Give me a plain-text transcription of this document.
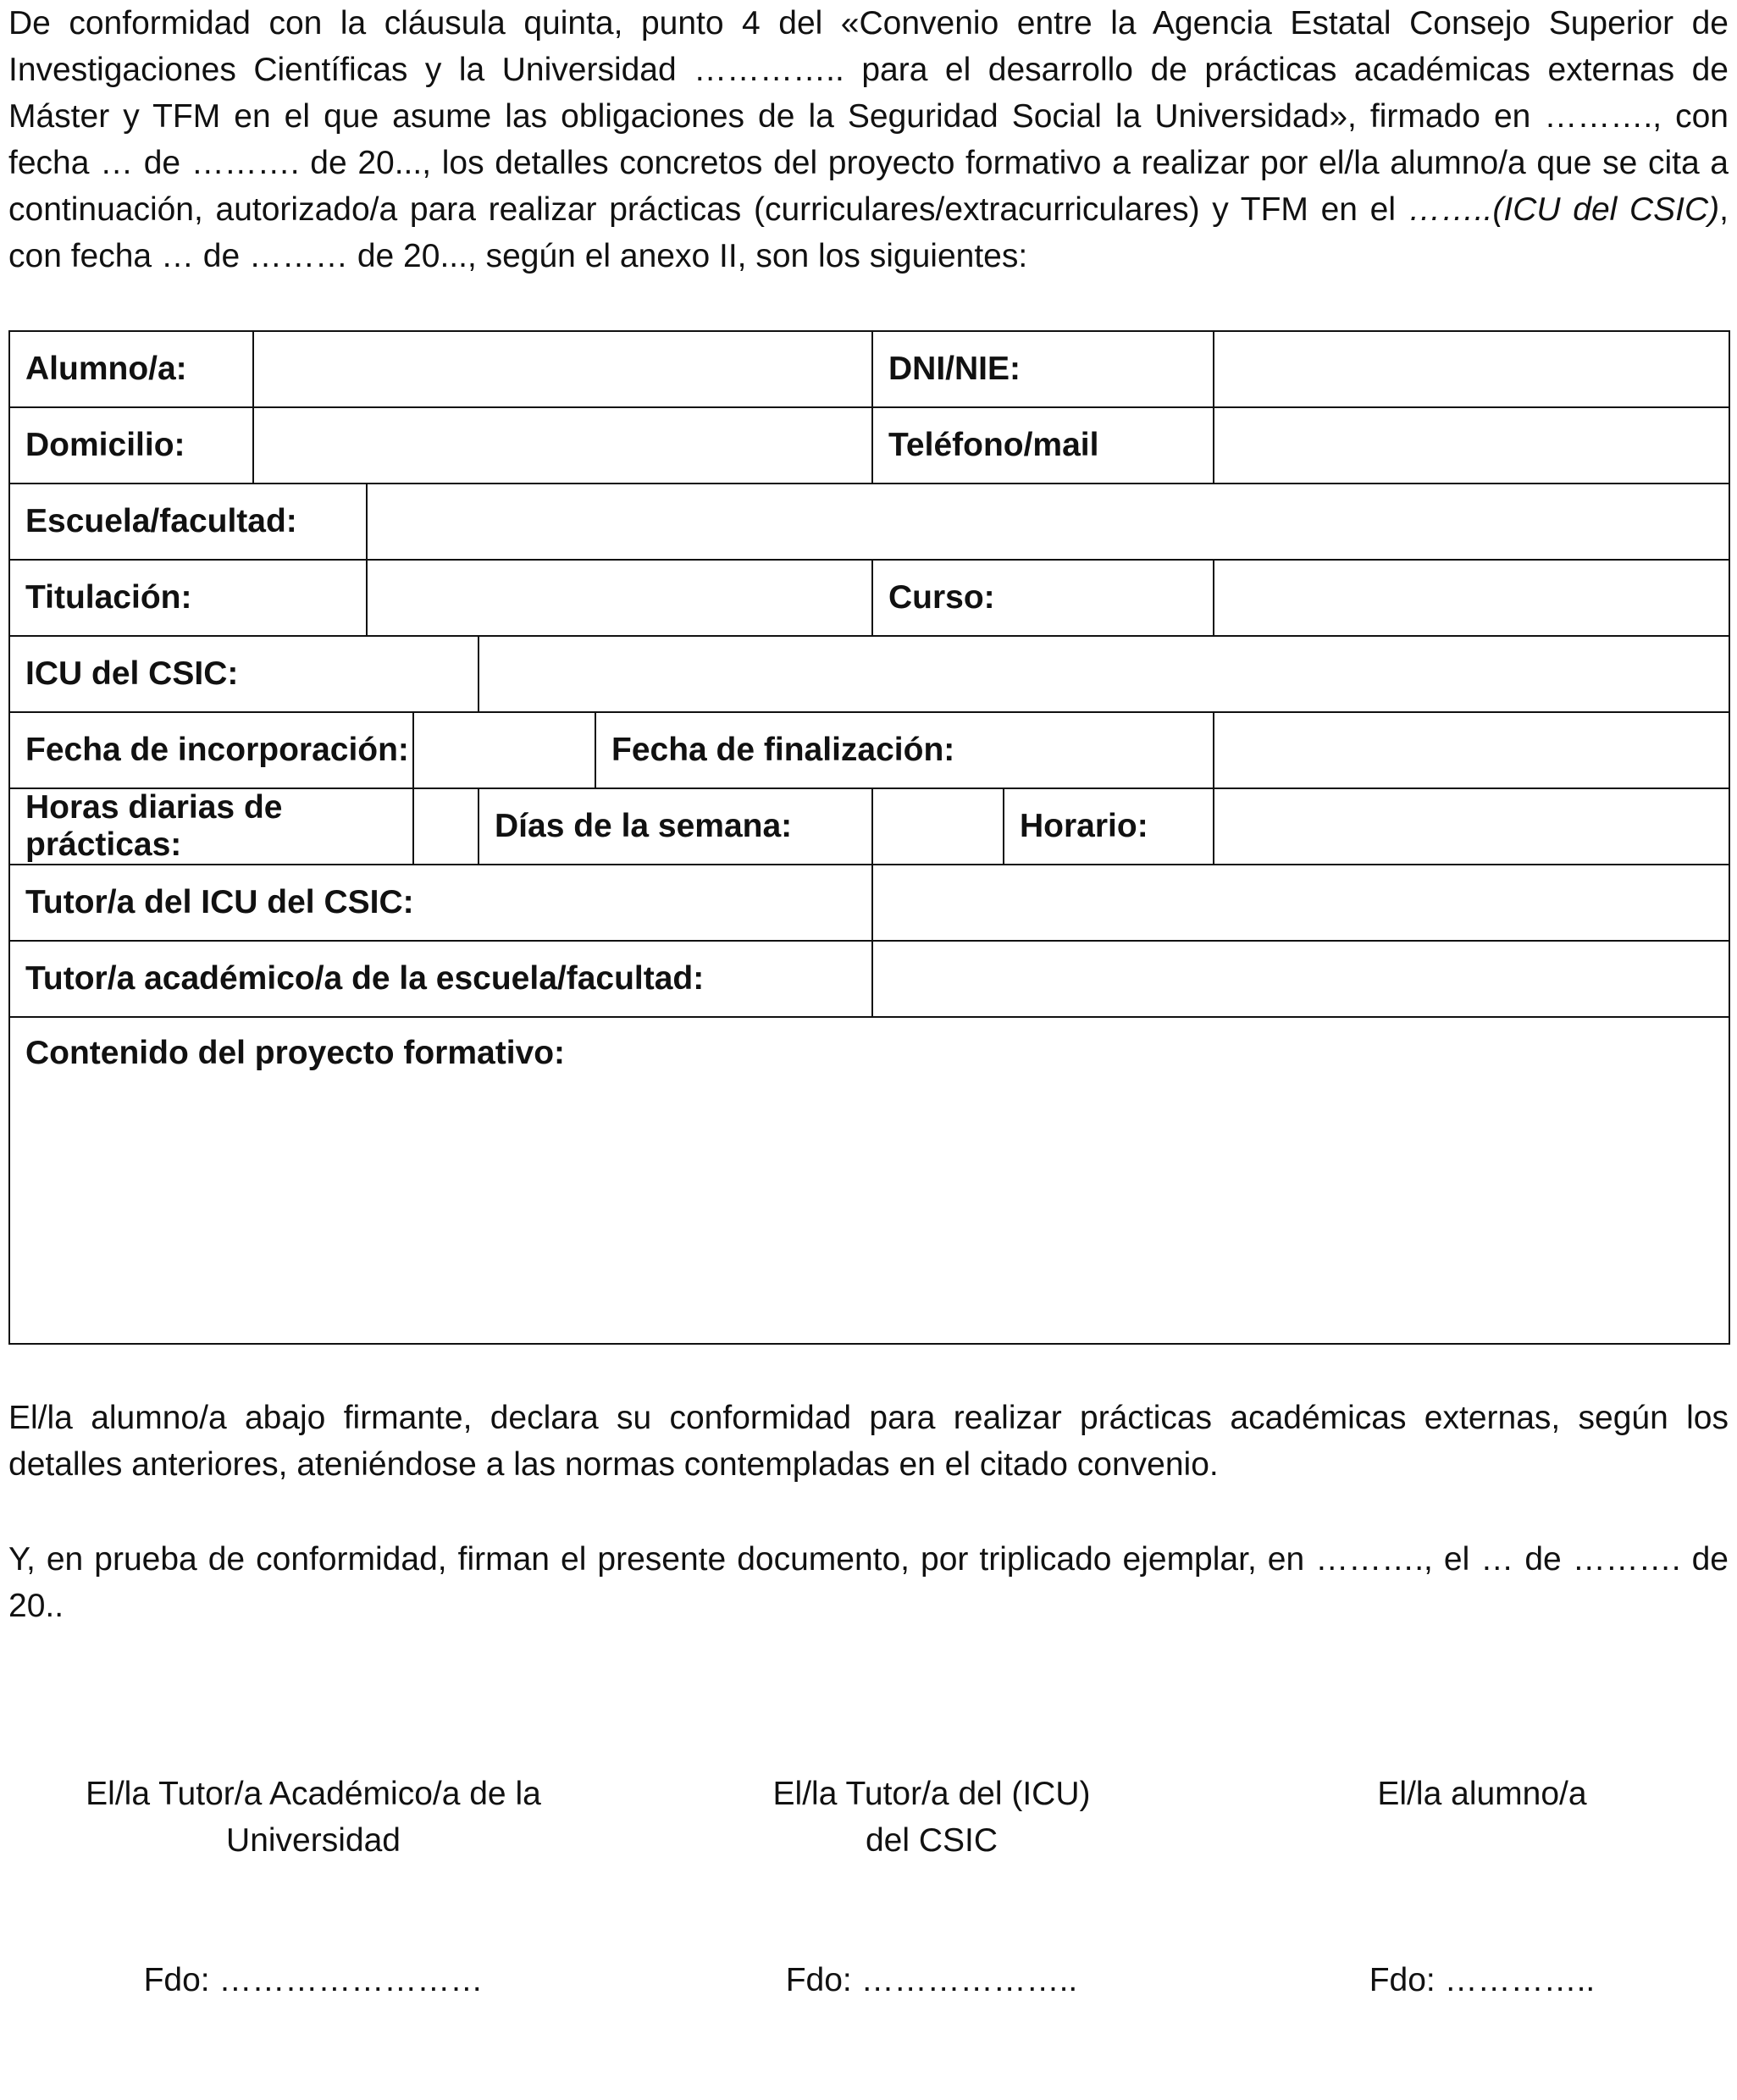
De conformidad con la cláusula quinta, punto 4 del «Convenio entre la Agencia Estatal Consejo Superior de Investigaciones Científicas y la Universidad ………….. para el desarrollo de prácticas académicas externas de Máster y TFM en el que asume las obligaciones de la Seguridad Social la Universidad», firmado en ………., con fecha … de ………. de 20..., los detalles concretos del proyecto formativo a realizar por el/la alumno/a que se cita a continuación, autorizado/a para realizar prácticas (curriculares/extracurriculares) y TFM en el ……..(ICU del CSIC), con fecha … de ……… de 20..., según el anexo II, son los siguientes:

Alumno/a:						DNI/NIE:		
Domicilio:						Teléfono/mail		
Escuela/facultad:								
Titulación:						Curso:		
ICU del CSIC:								
Fecha de incorporación:					Fecha de finalización:			
Horas diarias de prácticas:				Días de la semana:			Horario:	
Tutor/a del ICU del CSIC:								
Tutor/a académico/a de la escuela/facultad:								
Contenido del proyecto formativo:								

El/la alumno/a abajo firmante, declara su conformidad para realizar prácticas académicas externas, según los detalles anteriores, ateniéndose a las normas contempladas en el citado convenio.

Y, en prueba de conformidad, firman el presente documento, por triplicado ejemplar, en ………., el … de ………. de 20..

El/la Tutor/a Académico/a de la
Universidad

El/la Tutor/a del (ICU)
del CSIC

El/la alumno/a

Fdo: ……………………	Fdo: ………………..	Fdo: …………..
